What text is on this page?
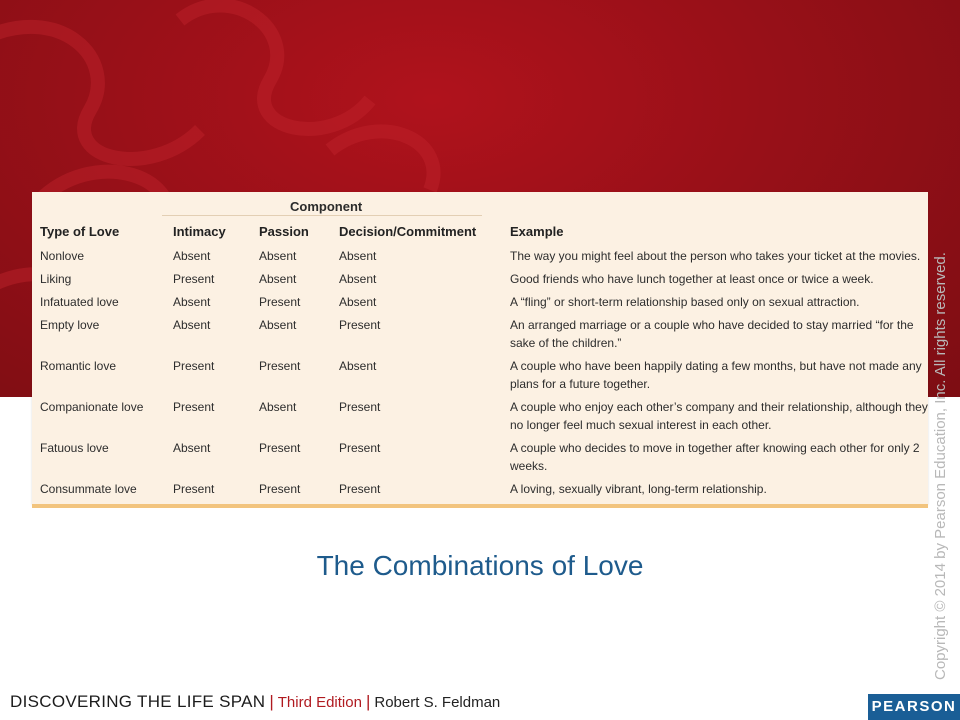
Component
Type of Love	Intimacy	Passion	Decision/Commitment	Example
Nonlove	Absent	Absent	Absent	The way you might feel about the person who takes your ticket at the movies.
Liking	Present	Absent	Absent	Good friends who have lunch together at least once or twice a week.
Infatuated love	Absent	Present	Absent	A “fling” or short-term relationship based only on sexual attraction.
Empty love	Absent	Absent	Present	An arranged marriage or a couple who have decided to stay married “for the sake of the children.”
Romantic love	Present	Present	Absent	A couple who have been happily dating a few months, but have not made any plans for a future together.
Companionate love	Present	Absent	Present	A couple who enjoy each other’s company and their relationship, although they no longer feel much sexual interest in each other.
Fatuous love	Absent	Present	Present	A couple who decides to move in together after knowing each other for only 2 weeks.
Consummate love	Present	Present	Present	A loving, sexually vibrant, long-term relationship.
The Combinations of Love	Copyright © 2014 by Pearson Education, Inc. All rights reserved.
DISCOVERING THE LIFE SPAN | Third Edition | Robert S. Feldman	PEARSON
